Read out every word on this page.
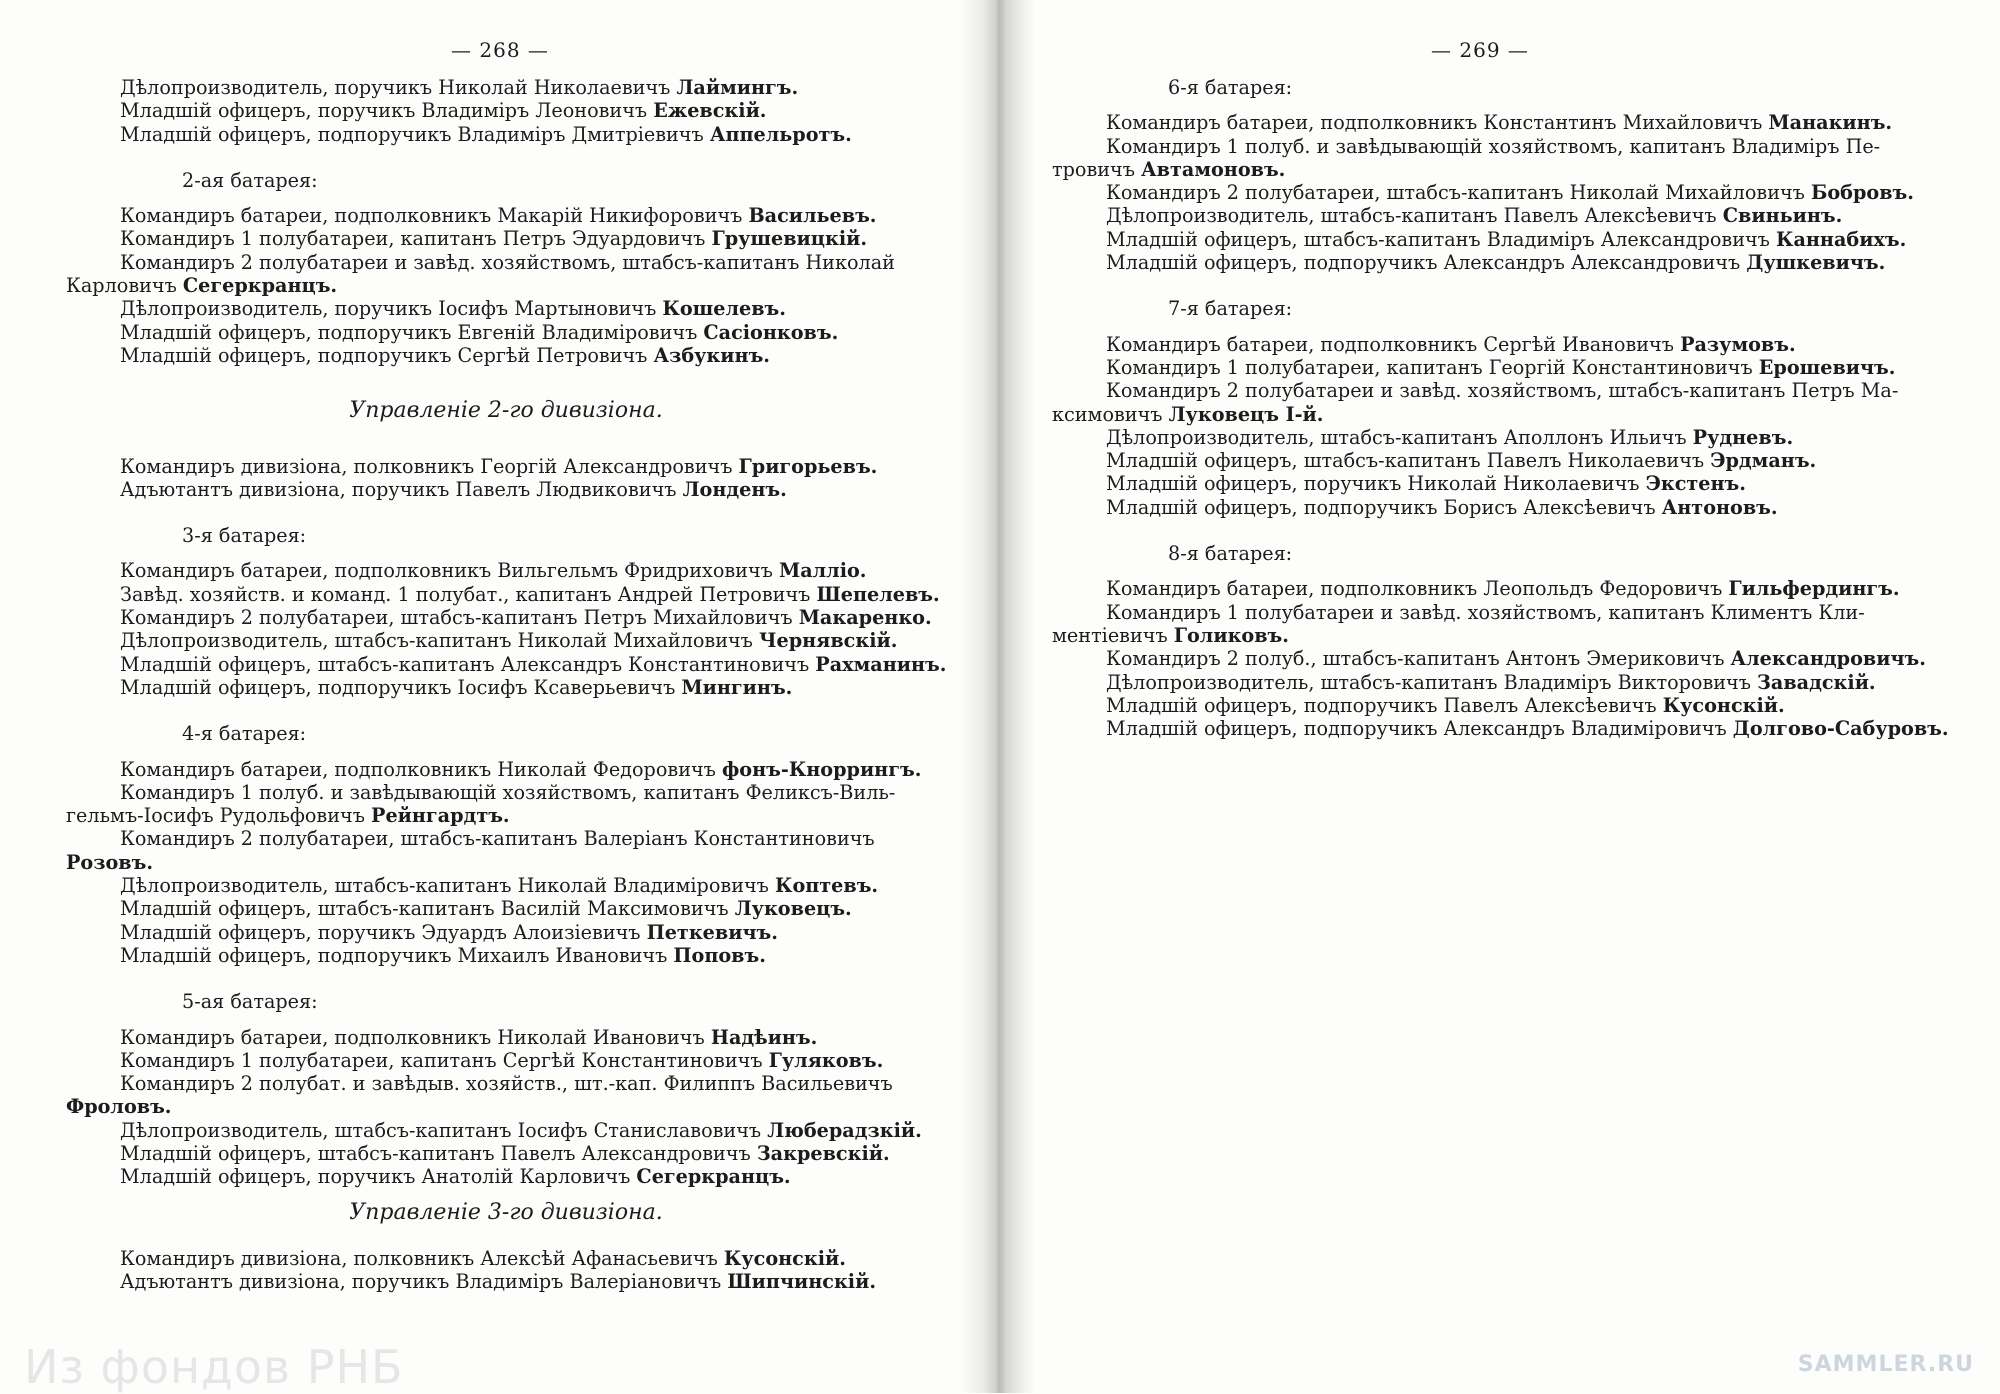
— 268 —
Дѣлопроизводитель, поручикъ Николай Николаевичъ Лаймингъ.
Младшій офицеръ, поручикъ Владиміръ Леоновичъ Ежевскій.
Младшій офицеръ, подпоручикъ Владиміръ Дмитріевичъ Аппельротъ.
2-ая батарея:
Командиръ батареи, подполковникъ Макарій Никифоровичъ Васильевъ.
Командиръ 1 полубатареи, капитанъ Петръ Эдуардовичъ Грушевицкій.
Командиръ 2 полубатареи и завѣд. хозяйствомъ, штабсъ-капитанъ Николай
Карловичъ Сегеркранцъ.
Дѣлопроизводитель, поручикъ Іосифъ Мартыновичъ Кошелевъ.
Младшій офицеръ, подпоручикъ Евгеній Владиміровичъ Сасіонковъ.
Младшій офицеръ, подпоручикъ Сергѣй Петровичъ Азбукинъ.
Управленіе 2-го дивизіона.
Командиръ дивизіона, полковникъ Георгій Александровичъ Григорьевъ.
Адъютантъ дивизіона, поручикъ Павелъ Людвиковичъ Лонденъ.
3-я батарея:
Командиръ батареи, подполковникъ Вильгельмъ Фридриховичъ Малліо.
Завѣд. хозяйств. и команд. 1 полубат., капитанъ Андрей Петровичъ Шепелевъ.
Командиръ 2 полубатареи, штабсъ-капитанъ Петръ Михайловичъ Макаренко.
Дѣлопроизводитель, штабсъ-капитанъ Николай Михайловичъ Чернявскій.
Младшій офицеръ, штабсъ-капитанъ Александръ Константиновичъ Рахманинъ.
Младшій офицеръ, подпоручикъ Іосифъ Ксаверьевичъ Мингинъ.
4-я батарея:
Командиръ батареи, подполковникъ Николай Федоровичъ фонъ-Кноррингъ.
Командиръ 1 полуб. и завѣдывающій хозяйствомъ, капитанъ Феликсъ-Виль-
гельмъ-Іосифъ Рудольфовичъ Рейнгардтъ.
Командиръ 2 полубатареи, штабсъ-капитанъ Валеріанъ Константиновичъ
Розовъ.
Дѣлопроизводитель, штабсъ-капитанъ Николай Владиміровичъ Коптевъ.
Младшій офицеръ, штабсъ-капитанъ Василій Максимовичъ Луковецъ.
Младшій офицеръ, поручикъ Эдуардъ Алоизіевичъ Петкевичъ.
Младшій офицеръ, подпоручикъ Михаилъ Ивановичъ Поповъ.
5-ая батарея:
Командиръ батареи, подполковникъ Николай Ивановичъ Надѣинъ.
Командиръ 1 полубатареи, капитанъ Сергѣй Константиновичъ Гуляковъ.
Командиръ 2 полубат. и завѣдыв. хозяйств., шт.-кап. Филиппъ Васильевичъ
Фроловъ.
Дѣлопроизводитель, штабсъ-капитанъ Іосифъ Станиславовичъ Люберадзкій.
Младшій офицеръ, штабсъ-капитанъ Павелъ Александровичъ Закревскій.
Младшій офицеръ, поручикъ Анатолій Карловичъ Сегеркранцъ.
Управленіе 3-го дивизіона.
Командиръ дивизіона, полковникъ Алексѣй Афанасьевичъ Кусонскій.
Адъютантъ дивизіона, поручикъ Владиміръ Валеріановичъ Шипчинскій.
Из фондов РНБ
— 269 —
6-я батарея:
Командиръ батареи, подполковникъ Константинъ Михайловичъ Манакинъ.
Командиръ 1 полуб. и завѣдывающій хозяйствомъ, капитанъ Владиміръ Пе-
тровичъ Автамоновъ.
Командиръ 2 полубатареи, штабсъ-капитанъ Николай Михайловичъ Бобровъ.
Дѣлопроизводитель, штабсъ-капитанъ Павелъ Алексѣевичъ Свиньинъ.
Младшій офицеръ, штабсъ-капитанъ Владиміръ Александровичъ Каннабихъ.
Младшій офицеръ, подпоручикъ Александръ Александровичъ Душкевичъ.
7-я батарея:
Командиръ батареи, подполковникъ Сергѣй Ивановичъ Разумовъ.
Командиръ 1 полубатареи, капитанъ Георгій Константиновичъ Ерошевичъ.
Командиръ 2 полубатареи и завѣд. хозяйствомъ, штабсъ-капитанъ Петръ Ма-
ксимовичъ Луковецъ І-й.
Дѣлопроизводитель, штабсъ-капитанъ Аполлонъ Ильичъ Рудневъ.
Младшій офицеръ, штабсъ-капитанъ Павелъ Николаевичъ Эрдманъ.
Младшій офицеръ, поручикъ Николай Николаевичъ Экстенъ.
Младшій офицеръ, подпоручикъ Борисъ Алексѣевичъ Антоновъ.
8-я батарея:
Командиръ батареи, подполковникъ Леопольдъ Федоровичъ Гильфердингъ.
Командиръ 1 полубатареи и завѣд. хозяйствомъ, капитанъ Климентъ Кли-
ментіевичъ Голиковъ.
Командиръ 2 полуб., штабсъ-капитанъ Антонъ Эмериковичъ Александровичъ.
Дѣлопроизводитель, штабсъ-капитанъ Владиміръ Викторовичъ Завадскій.
Младшій офицеръ, подпоручикъ Павелъ Алексѣевичъ Кусонскій.
Младшій офицеръ, подпоручикъ Александръ Владиміровичъ Долгово-Сабуровъ.
SAMMLER.RU
